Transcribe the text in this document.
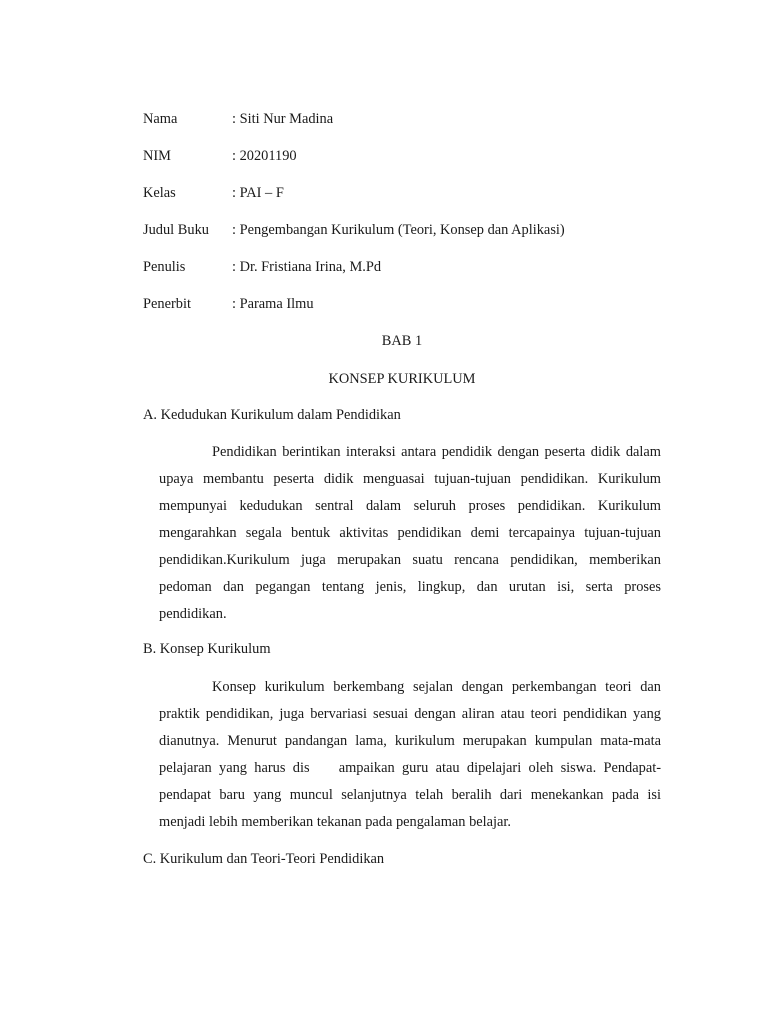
Nama	: Siti Nur Madina
NIM	: 20201190
Kelas	: PAI – F
Judul Buku	: Pengembangan Kurikulum (Teori, Konsep dan Aplikasi)
Penulis	: Dr. Fristiana Irina, M.Pd
Penerbit	: Parama Ilmu
BAB 1
KONSEP KURIKULUM
A. Kedudukan Kurikulum dalam Pendidikan
Pendidikan berintikan interaksi antara pendidik dengan peserta didik dalam
upaya membantu peserta didik menguasai tujuan-tujuan pendidikan. Kurikulum
mempunyai kedudukan sentral dalam seluruh proses pendidikan. Kurikulum
mengarahkan segala bentuk aktivitas pendidikan demi tercapainya tujuan-tujuan
pendidikan.Kurikulum juga merupakan suatu rencana pendidikan, memberikan
pedoman dan pegangan tentang jenis, lingkup, dan urutan isi, serta proses
pendidikan.
B. Konsep Kurikulum
Konsep kurikulum berkembang sejalan dengan perkembangan teori dan
praktik pendidikan, juga bervariasi sesuai dengan aliran atau teori pendidikan yang
dianutnya. Menurut pandangan lama, kurikulum merupakan kumpulan mata-mata
pelajaran yang harus dis    ampaikan guru atau dipelajari oleh siswa. Pendapat-
pendapat baru yang muncul selanjutnya telah beralih dari menekankan pada isi
menjadi lebih memberikan tekanan pada pengalaman belajar.
C. Kurikulum dan Teori-Teori Pendidikan
